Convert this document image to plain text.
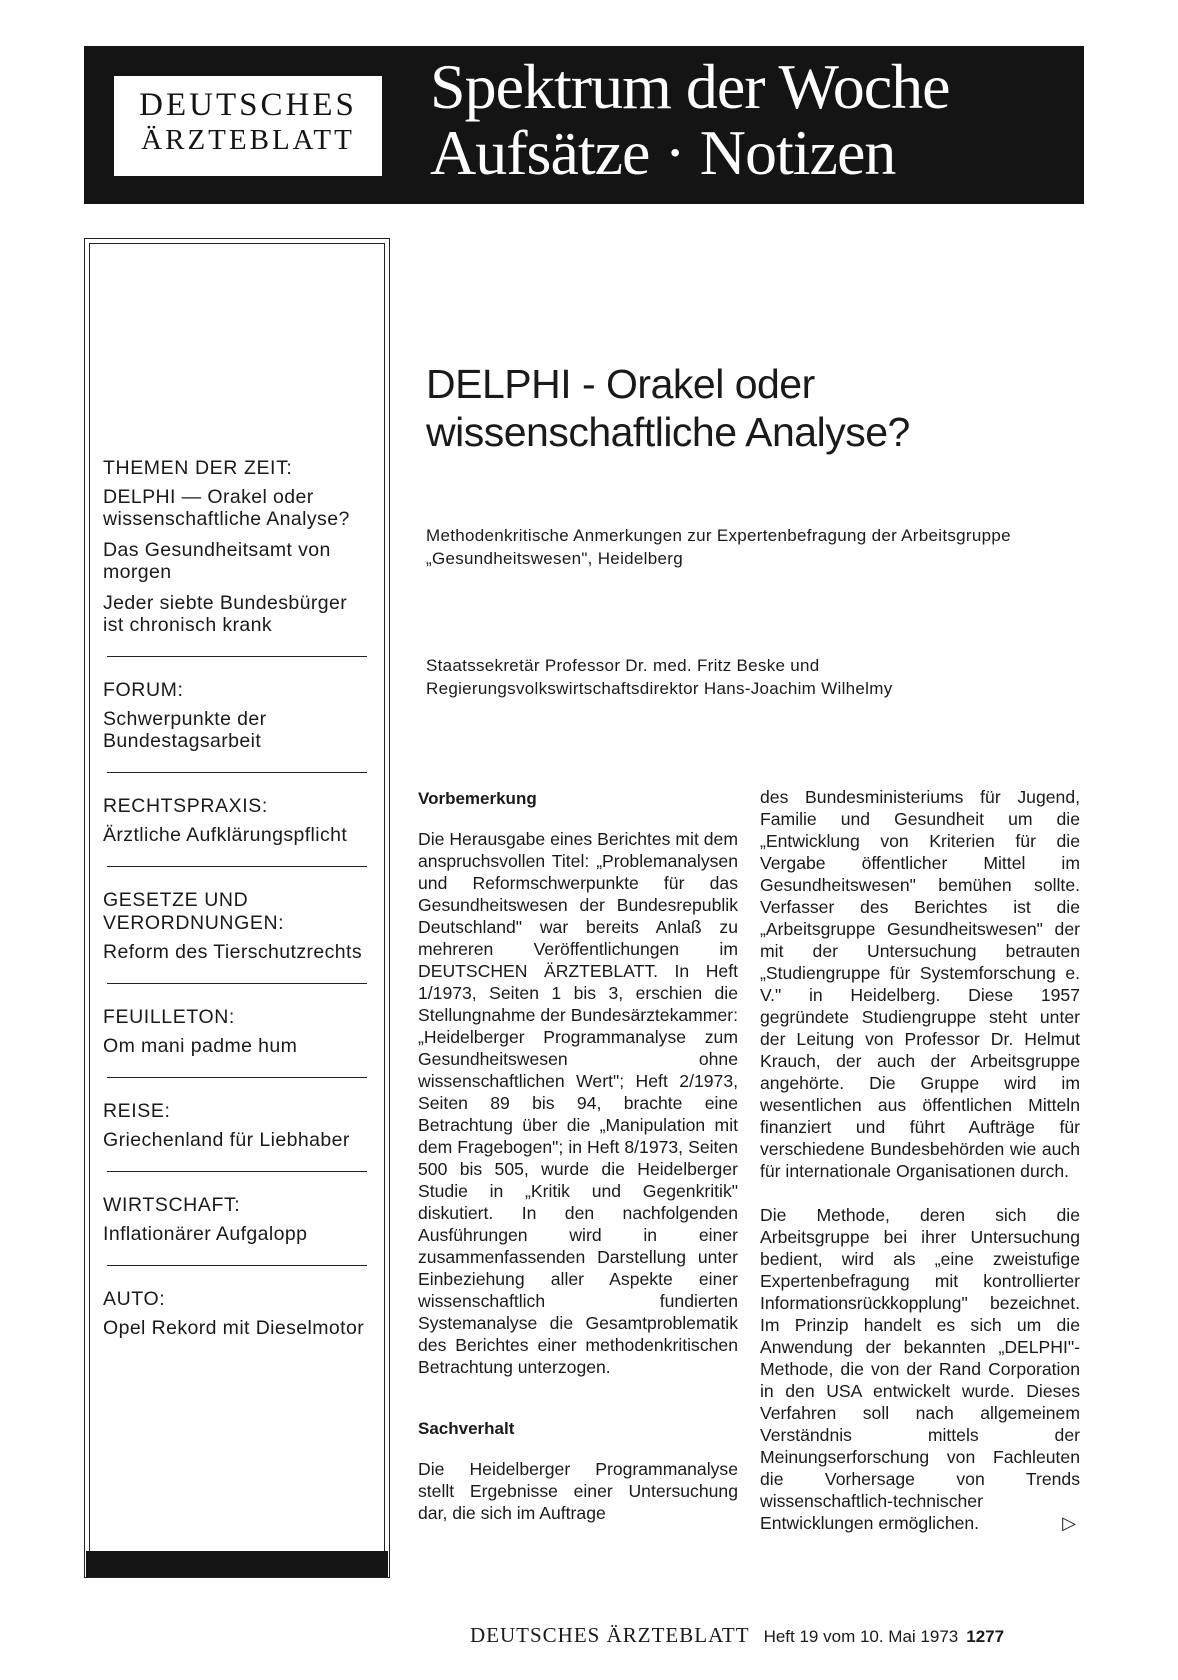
DEUTSCHES
ÄRZTEBLATT
Spektrum der Woche
Aufsätze · Notizen
THEMEN DER ZEIT:
DELPHI — Orakel oder wissenschaftliche Analyse?
Das Gesundheitsamt von morgen
Jeder siebte Bundesbürger ist chronisch krank
FORUM:
Schwerpunkte der Bundestagsarbeit
RECHTSPRAXIS:
Ärztliche Aufklärungspflicht
GESETZE UND VERORDNUNGEN:
Reform des Tierschutzrechts
FEUILLETON:
Om mani padme hum
REISE:
Griechenland für Liebhaber
WIRTSCHAFT:
Inflationärer Aufgalopp
AUTO:
Opel Rekord mit Dieselmotor
DELPHI - Orakel oder wissenschaftliche Analyse?
Methodenkritische Anmerkungen zur Expertenbefragung der Arbeitsgruppe „Gesundheitswesen", Heidelberg
Staatssekretär Professor Dr. med. Fritz Beske und Regierungsvolkswirtschaftsdirektor Hans-Joachim Wilhelmy
Vorbemerkung

Die Herausgabe eines Berichtes mit dem anspruchsvollen Titel: „Problemanalysen und Reformschwerpunkte für das Gesundheitswesen der Bundesrepublik Deutschland" war bereits Anlaß zu mehreren Veröffentlichungen im DEUTSCHEN ÄRZTEBLATT. In Heft 1/1973, Seiten 1 bis 3, erschien die Stellungnahme der Bundesärztekammer: „Heidelberger Programmanalyse zum Gesundheitswesen ohne wissenschaftlichen Wert"; Heft 2/1973, Seiten 89 bis 94, brachte eine Betrachtung über die „Manipulation mit dem Fragebogen"; in Heft 8/1973, Seiten 500 bis 505, wurde die Heidelberger Studie in „Kritik und Gegenkritik" diskutiert. In den nachfolgenden Ausführungen wird in einer zusammenfassenden Darstellung unter Einbeziehung aller Aspekte einer wissenschaftlich fundierten Systemanalyse die Gesamtproblematik des Berichtes einer methodenkritischen Betrachtung unterzogen.

Sachverhalt

Die Heidelberger Programmanalyse stellt Ergebnisse einer Untersuchung dar, die sich im Auftrage

des Bundesministeriums für Jugend, Familie und Gesundheit um die „Entwicklung von Kriterien für die Vergabe öffentlicher Mittel im Gesundheitswesen" bemühen sollte. Verfasser des Berichtes ist die „Arbeitsgruppe Gesundheitswesen" der mit der Untersuchung betrauten „Studiengruppe für Systemforschung e. V." in Heidelberg. Diese 1957 gegründete Studiengruppe steht unter der Leitung von Professor Dr. Helmut Krauch, der auch der Arbeitsgruppe angehörte. Die Gruppe wird im wesentlichen aus öffentlichen Mitteln finanziert und führt Aufträge für verschiedene Bundesbehörden wie auch für internationale Organisationen durch.

Die Methode, deren sich die Arbeitsgruppe bei ihrer Untersuchung bedient, wird als „eine zweistufige Expertenbefragung mit kontrollierter Informationsrückkopplung" bezeichnet. Im Prinzip handelt es sich um die Anwendung der bekannten „DELPHI"-Methode, die von der Rand Corporation in den USA entwickelt wurde. Dieses Verfahren soll nach allgemeinem Verständnis mittels der Meinungserforschung von Fachleuten die Vorhersage von Trends wissenschaftlich-technischer Entwicklungen ermöglichen.	▷

DEUTSCHES ÄRZTEBLATT Heft 19 vom 10. Mai 1973 1277
